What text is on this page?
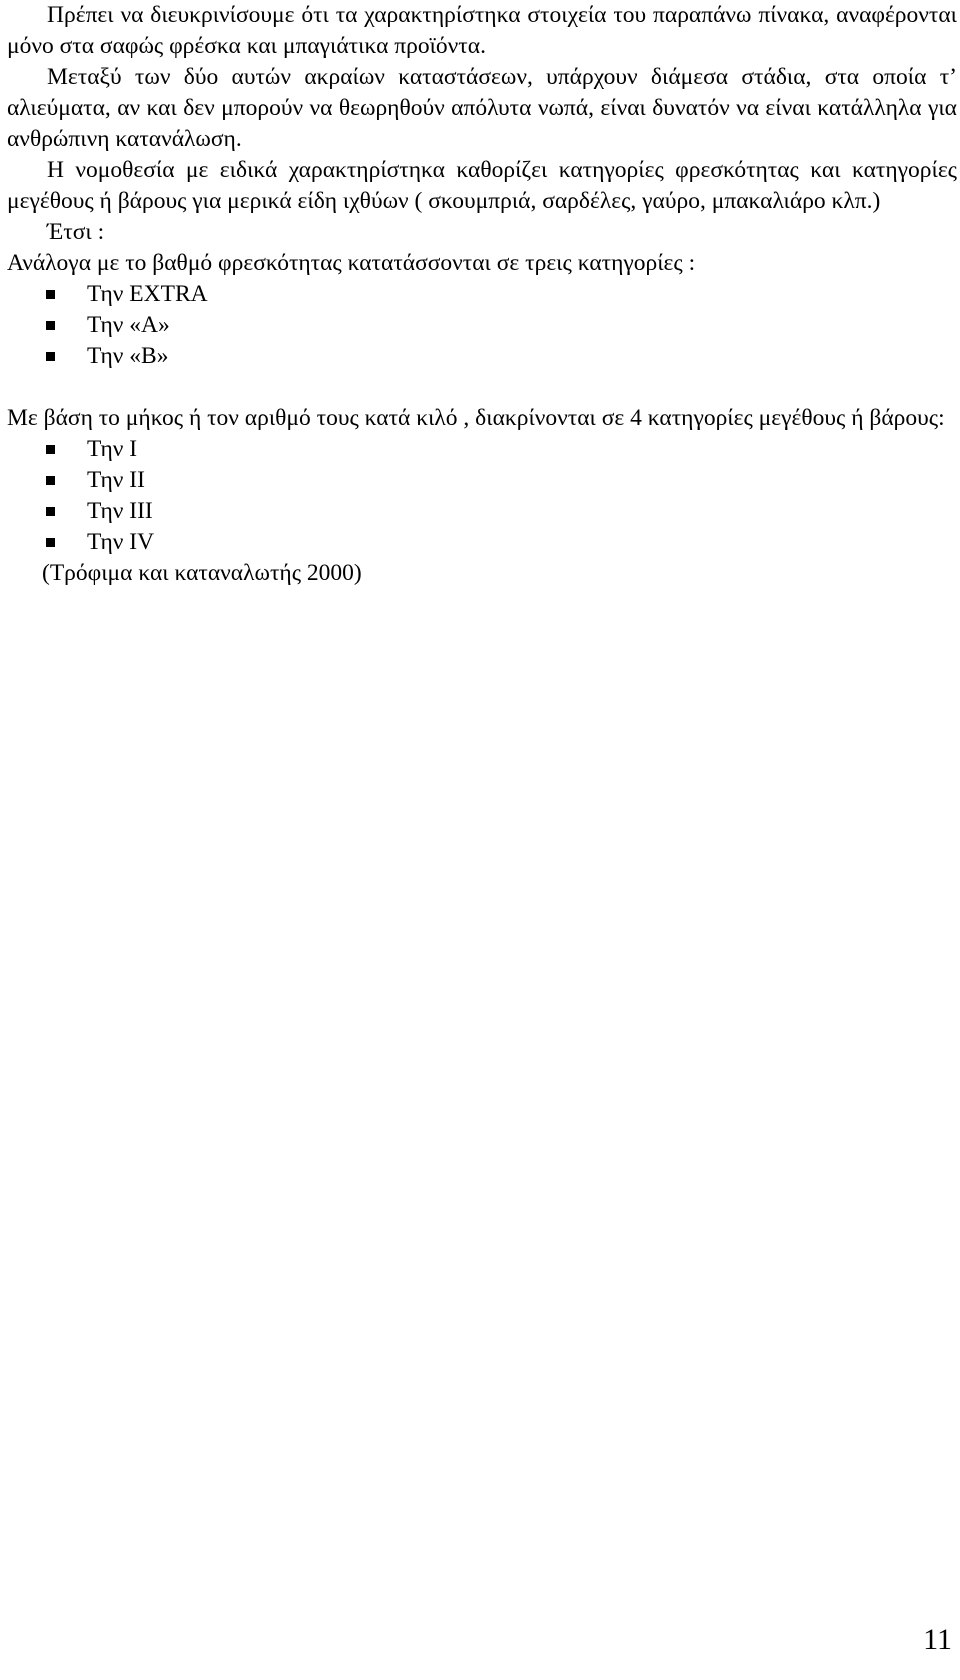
Πρέπει να διευκρινίσουμε ότι τα χαρακτηρίστηκα στοιχεία του παραπάνω πίνακα, αναφέρονται μόνο στα σαφώς φρέσκα και μπαγιάτικα προϊόντα.

Μεταξύ των δύο αυτών ακραίων καταστάσεων, υπάρχουν διάμεσα στάδια, στα οποία τ’ αλιεύματα, αν και δεν μπορούν να θεωρηθούν απόλυτα νωπά, είναι δυνατόν να είναι κατάλληλα για ανθρώπινη κατανάλωση.

Η νομοθεσία με ειδικά χαρακτηρίστηκα καθορίζει κατηγορίες φρεσκότητας και κατηγορίες μεγέθους ή βάρους για μερικά είδη ιχθύων ( σκουμπριά, σαρδέλες, γαύρο, μπακαλιάρο κλπ.)

Έτσι :

Ανάλογα με το βαθμό φρεσκότητας κατατάσσονται σε τρεις κατηγορίες :

Την EXTRA
Την «A»
Την «B»

Με βάση το μήκος ή τον αριθμό τους κατά κιλό , διακρίνονται σε 4 κατηγορίες μεγέθους ή βάρους:

Την I
Την II
Την III
Την IV

(Τρόφιμα και καταναλωτής 2000)

11
